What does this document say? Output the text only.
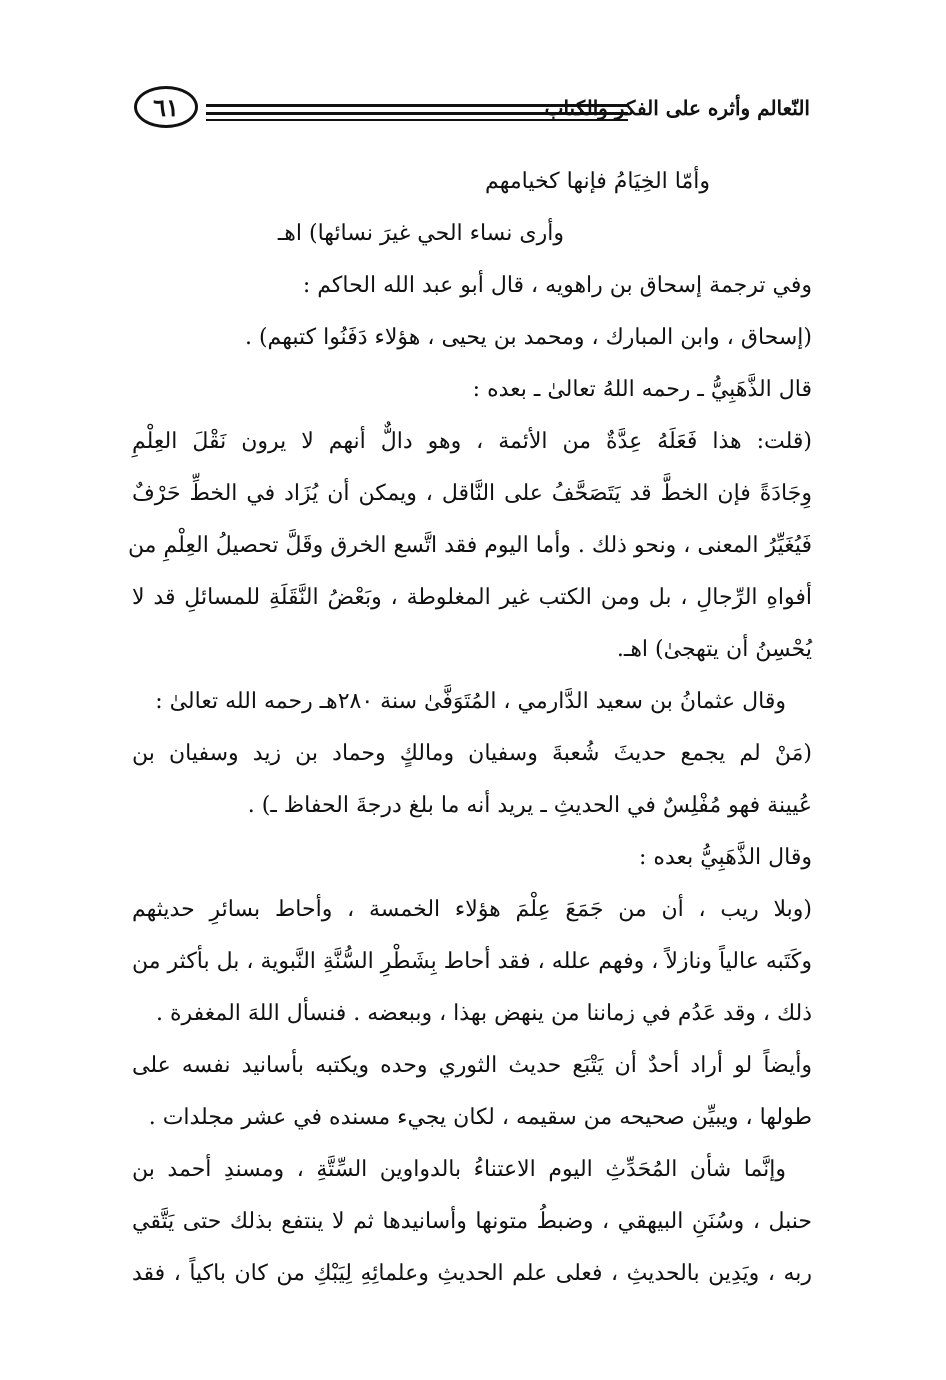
٦١	النّعالم وأثره على الفكر والكتاب
وأمّا الخِيَامُ فإنها كخيامهم
وأرى نساء الحي غيرَ نسائها) اهـ
وفي ترجمة إسحاق بن راهويه ، قال أبو عبد الله الحاكم :
(إسحاق ، وابن المبارك ، ومحمد بن يحيى ، هؤلاء دَفَنُوا كتبهم) .
قال الذَّهَبِيُّ ـ رحمه اللهُ تعالىٰ ـ بعده :
(قلت: هذا فَعَلَهُ عِدَّةٌ من الأئمة ، وهو دالٌّ أنهم لا يرون نَقْلَ العِلْمِ
وِجَادَةً فإن الخطَّ قد يَتَصَحَّفُ على النَّاقل ، ويمكن أن يُزَاد في الخطِّ حَرْفٌ
فَيُغَيِّرُ المعنى ، ونحو ذلك . وأما اليوم فقد اتَّسع الخرق وقَلَّ تحصيلُ العِلْمِ من
أفواهِ الرِّجالِ ، بل ومن الكتب غير المغلوطة ، وبَعْضُ النَّقَلَةِ للمسائلِ قد لا
يُحْسِنُ أن يتهجىٰ) اهـ.
وقال عثمانُ بن سعيد الدَّارمي ، المُتَوَفَّىٰ سنة ٢٨٠هـ رحمه الله تعالىٰ :
(مَنْ لم يجمع حديثَ شُعبةَ وسفيان ومالكٍ وحماد بن زيد وسفيان بن
عُيينة فهو مُفْلِسٌ في الحديثِ ـ يريد أنه ما بلغ درجةَ الحفاظ ـ) .
وقال الذَّهَبِيُّ بعده :
(وبلا ريب ، أن من جَمَعَ عِلْمَ هؤلاء الخمسة ، وأحاط بسائرِ حديثهم
وكَتَبه عالياً ونازلاً ، وفهم علله ، فقد أحاط بِشَطْرِ السُّنَّةِ النَّبوية ، بل بأكثر من
ذلك ، وقد عَدُم في زماننا من ينهض بهذا ، وببعضه . فنسأل اللهَ المغفرة .
وأيضاً لو أراد أحدٌ أن يَتْبَع حديث الثوري وحده ويكتبه بأسانيد نفسه على
طولها ، ويبيِّن صحيحه من سقيمه ، لكان يجيء مسنده في عشر مجلدات .
وإنَّما شأن المُحَدِّثِ اليوم الاعتناءُ بالدواوين السِّتَّةِ ، ومسندِ أحمد بن
حنبل ، وسُنَنِ البيهقي ، وضبطُ متونها وأسانيدها ثم لا ينتفع بذلك حتى يَتَّقي
ربه ، ويَدِين بالحديثِ ، فعلى علم الحديثِ وعلمائِهِ لِيَبْكِ من كان باكياً ، فقد
